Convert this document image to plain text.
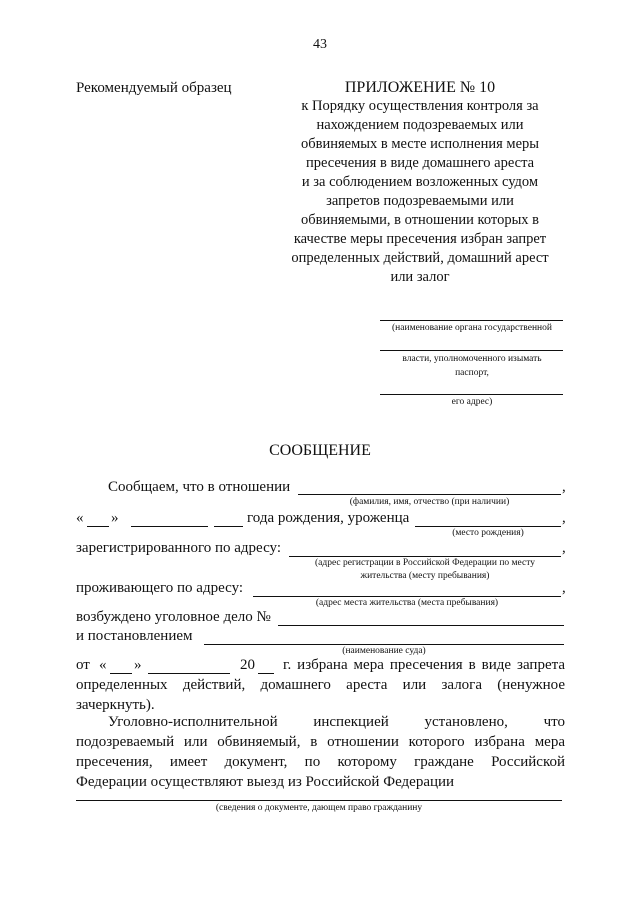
43
Рекомендуемый образец	ПРИЛОЖЕНИЕ № 10
к Порядку осуществления контроля за
нахождением подозреваемых или
обвиняемых в месте исполнения меры
пресечения в виде домашнего ареста
и за соблюдением возложенных судом
запретов подозреваемыми или
обвиняемыми, в отношении которых в
качестве меры пресечения избран запрет
определенных действий, домашний арест
или залог
(наименование органа государственной
власти, уполномоченного изымать
паспорт,
его адрес)
СООБЩЕНИЕ
Сообщаем, что в отношении	,
(фамилия, имя, отчество (при наличии)
« »	года рождения, уроженца	,
(место рождения)
зарегистрированного по адресу:	,
(адрес регистрации в Российской Федерации по месту
жительства (месту пребывания)
проживающего по адресу:	,
(адрес места жительства (места пребывания)
возбуждено уголовное дело №
и постановлением
(наименование суда)
от « »	20 г. избрана мера пресечения в виде запрета
определенных действий, домашнего ареста или залога (ненужное
зачеркнуть).
Уголовно-исполнительной инспекцией установлено, что
подозреваемый или обвиняемый, в отношении которого избрана мера
пресечения, имеет документ, по которому граждане Российской
Федерации осуществляют выезд из Российской Федерации
(сведения о документе, дающем право гражданину
